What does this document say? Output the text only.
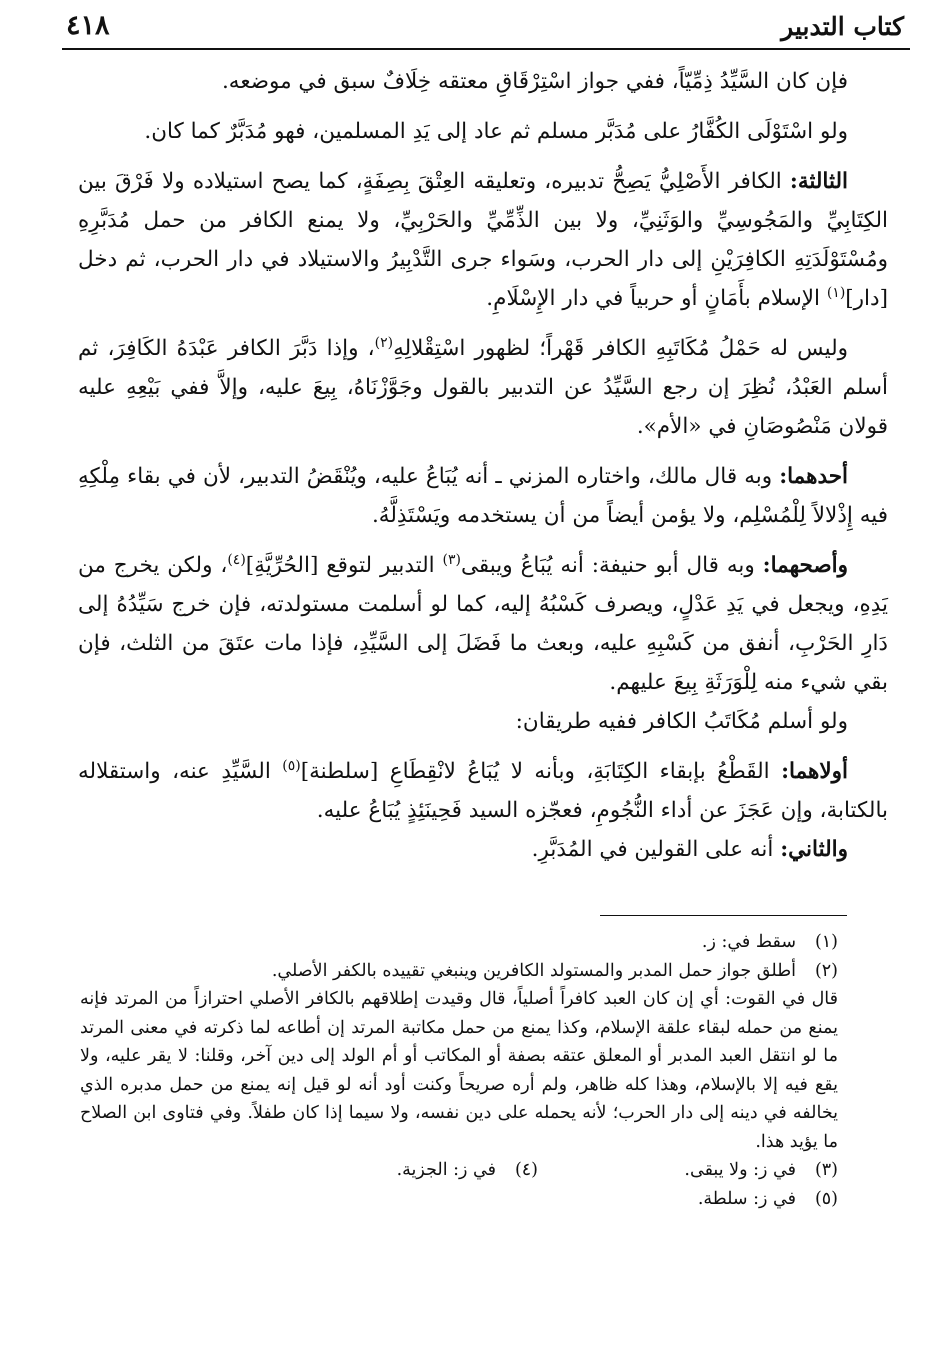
كتاب التدبير
٤١٨

فإن كان السَّيِّدُ ذِمِّيّاً، ففي جواز اسْتِرْقَاقِ معتقه خِلَافٌ سبق في موضعه.

ولو اسْتَوْلَى الكُفَّارُ على مُدَبَّر مسلم ثم عاد إلى يَدِ المسلمين، فهو مُدَبَّرٌ كما كان.

الثالثة: الكافر الأَصْلِيُّ يَصِحُّ تدبيره، وتعليقه العِتْقَ بِصِفَةٍ، كما يصح استيلاده ولا فَرْقَ بين الكِتَابِيِّ والمَجُوسِيِّ والوَثَنِيِّ، ولا بين الذِّمِّيِّ والحَرْبِيِّ، ولا يمنع الكافر من حمل مُدَبَّرِهِ ومُسْتَوْلَدَتِهِ الكافِرَيْنِ إلى دار الحرب، وسَواء جرى التَّدْبِيرُ والاستيلاد في دار الحرب، ثم دخل [دار]$^{(١)}$ الإسلام بأَمَانٍ أو حربياً في دار الإِسْلَامِ.

وليس له حَمْلُ مُكَاتَبِهِ الكافر قَهْراً؛ لظهور اسْتِقْلالِهِ$^{(٢)}$، وإذا دَبَّرَ الكافر عَبْدَهُ الكَافِرَ، ثم أسلم العَبْدُ، نُظِرَ إن رجع السَّيِّدُ عن التدبير بالقول وجَوَّزْنَاهُ، بِيعَ عليه، وإلاَّ ففي بَيْعِهِ عليه قولان مَنْصُوصَانِ في «الأم».

أحدهما: وبه قال مالك، واختاره المزني ـ أنه يُبَاعُ عليه، ويُنْقَضُ التدبير، لأن في بقاء مِلْكِهِ فيه إِذْلالاً لِلْمُسْلِم، ولا يؤمن أيضاً من أن يستخدمه ويَسْتَذِلَّهُ.

وأصحهما: وبه قال أبو حنيفة: أنه يُبَاعُ ويبقى$^{(٣)}$ التدبير لتوقع [الحُرِّيَّةِ]$^{(٤)}$، ولكن يخرج من يَدِهِ، ويجعل في يَدِ عَدْلٍ، ويصرف كَسْبُهُ إليه، كما لو أسلمت مستولدته، فإن خرج سَيِّدُهُ إلى دَارِ الحَرْبِ، أنفق من كَسْبِهِ عليه، وبعث ما فَضَلَ إلى السَّيِّدِ، فإذا مات عتَقَ من الثلث، فإن بقي شيء منه لِلْوَرَثَةِ بِيعَ عليهم.

ولو أسلم مُكَاتَبُ الكافر ففيه طريقان:

أولاهما: القَطْعُ بإبقاء الكِتَابَةِ، وبأنه لا يُبَاعُ لانْقِطَاعِ [سلطنة]$^{(٥)}$ السَّيِّدِ عنه، واستقلاله بالكتابة، وإن عَجَزَ عن أداء النُّجُومِ، فعجّزه السيد فَحِينَئِذٍ يُبَاعُ عليه.

والثاني: أنه على القولين في المُدَبَّرِ.

(١)
سقط في: ز.
(٢)
أطلق جواز حمل المدبر والمستولد الكافرين وينبغي تقييده بالكفر الأصلي.
قال في القوت: أي إن كان العبد كافراً أصلياً، قال وقيدت إطلاقهم بالكافر الأصلي احترازاً من المرتد فإنه يمنع من حمله لبقاء علقة الإسلام، وكذا يمنع من حمل مكاتبة المرتد إن أطاعه لما ذكرته في معنى المرتد ما لو انتقل العبد المدبر أو المعلق عتقه بصفة أو المكاتب أو أم الولد إلى دين آخر، وقلنا: لا يقر عليه، ولا يقع فيه إلا بالإسلام، وهذا كله ظاهر، ولم أره صريحاً وكنت أود أنه لو قيل إنه يمنع من حمل مدبره الذي يخالفه في دينه إلى دار الحرب؛ لأنه يحمله على دين نفسه، ولا سيما إذا كان طفلاً. وفي فتاوى ابن الصلاح ما يؤيد هذا.
(٣)
في ز: ولا يبقى.
(٤)
في ز: الجزية.
(٥)
في ز: سلطة.
